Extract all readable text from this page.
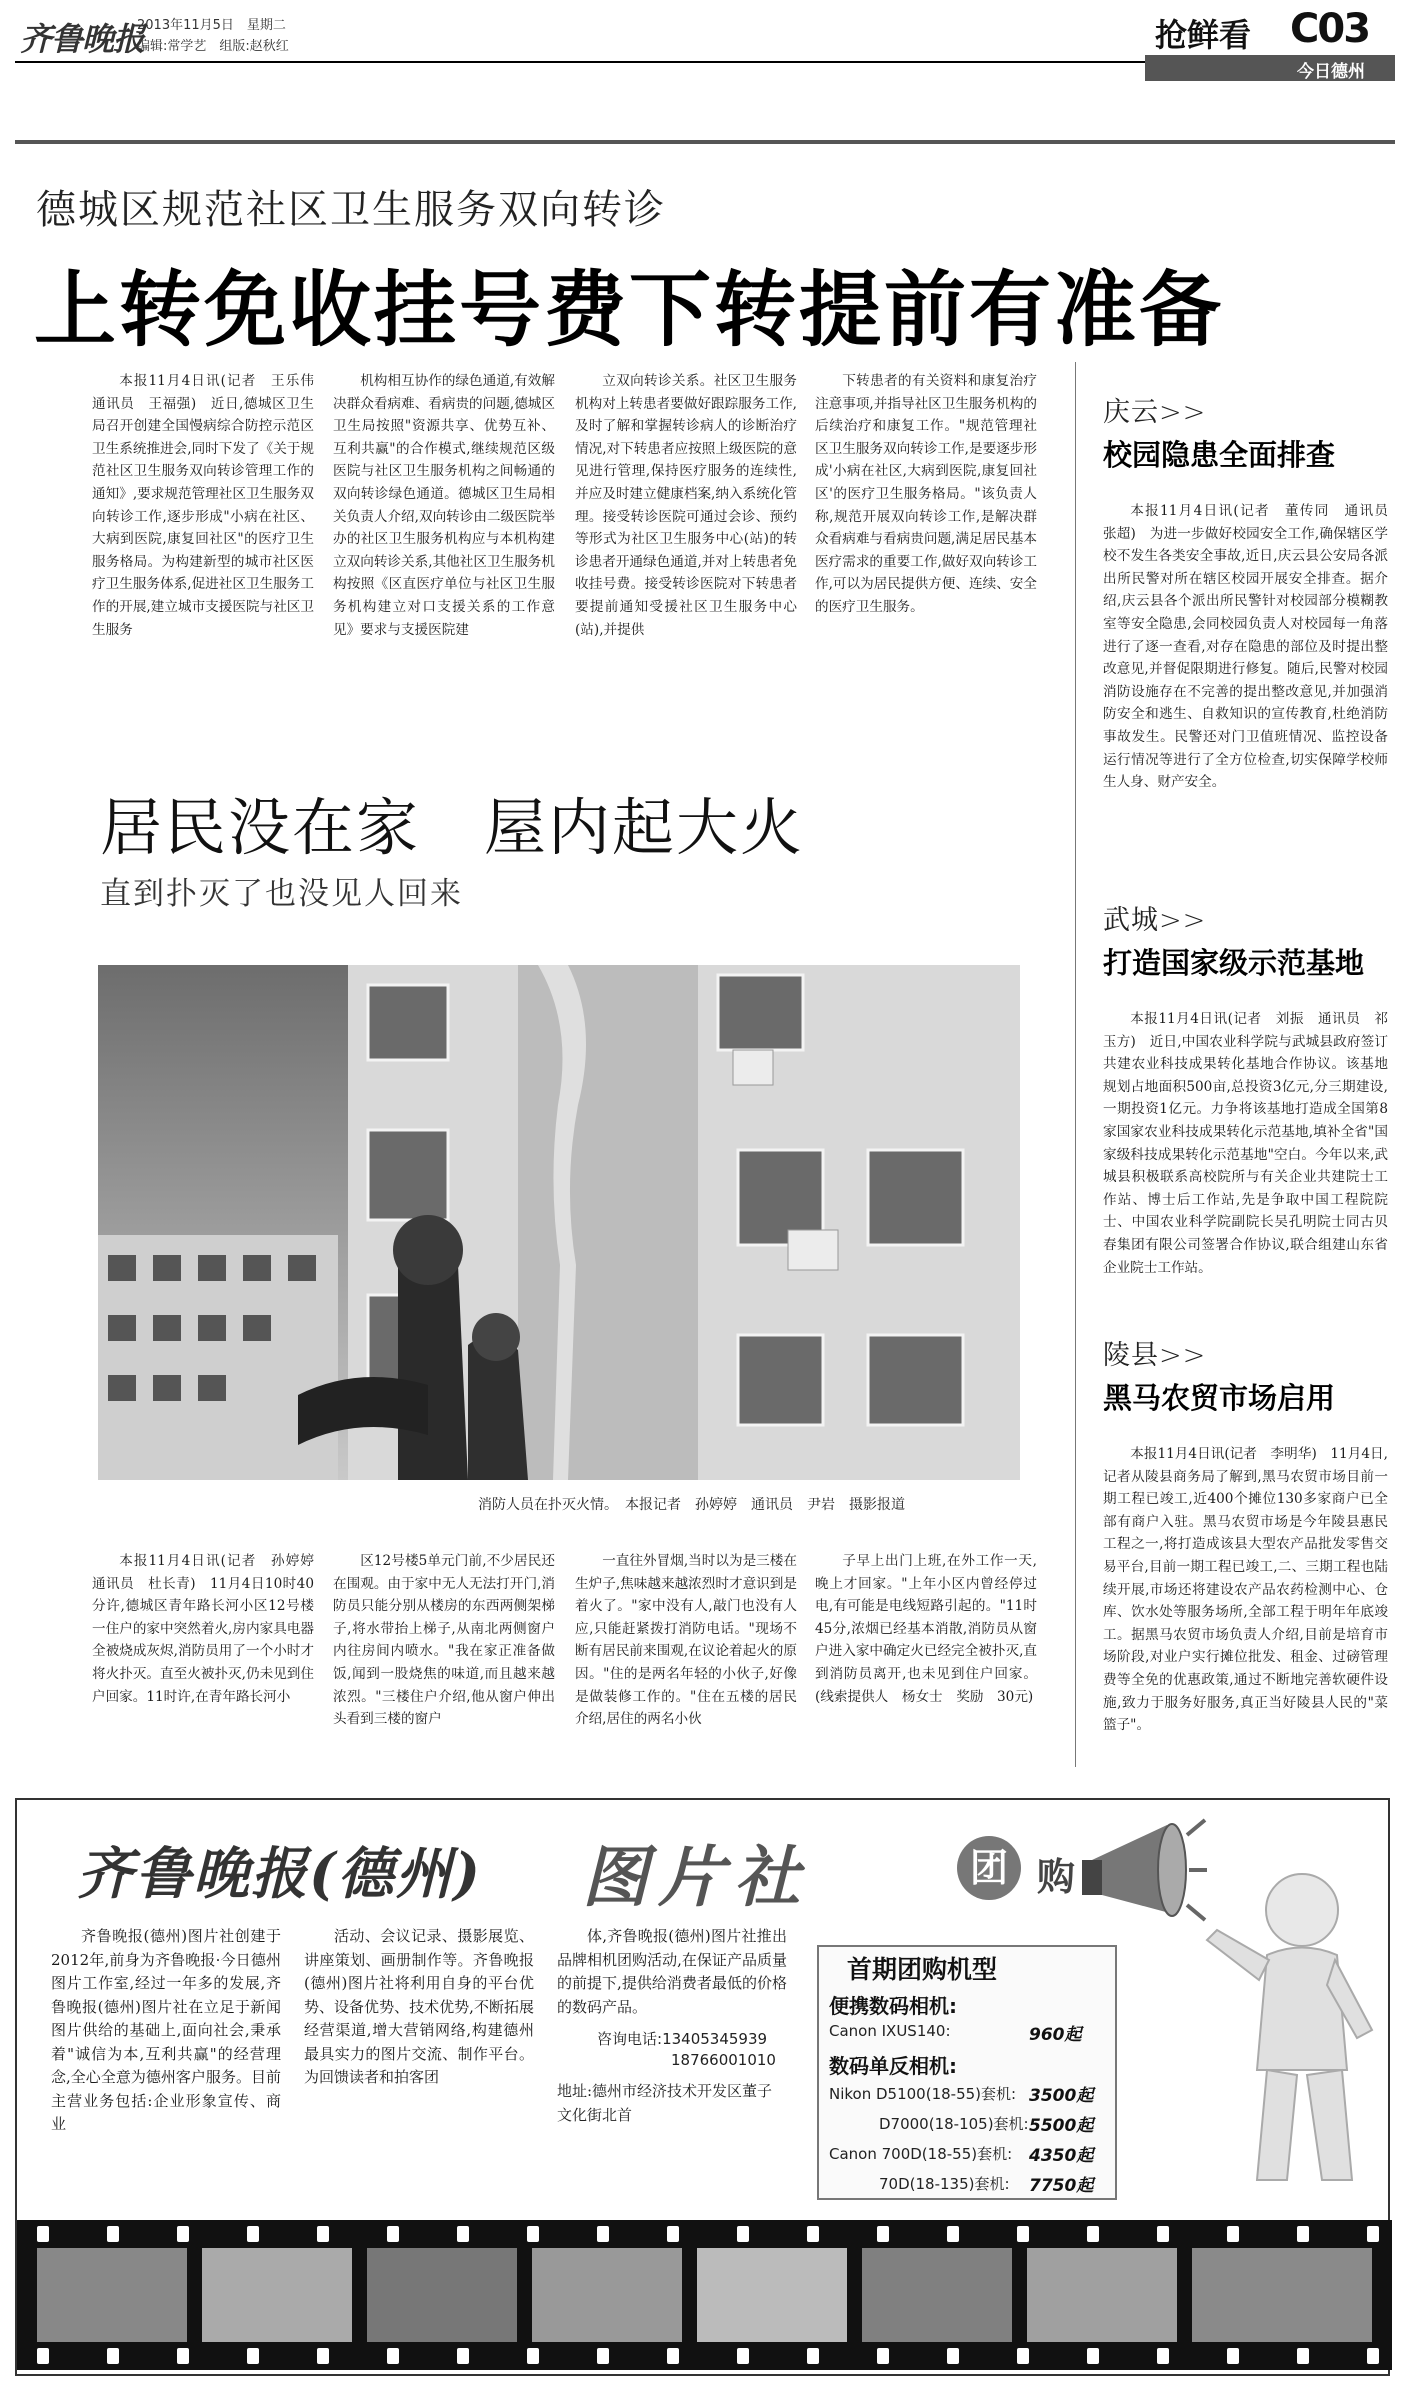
齐鲁晚报
2013年11月5日　星期二
编辑:常学艺　组版:赵秋红	抢鲜看 C03
今日德州
德城区规范社区卫生服务双向转诊
上转免收挂号费下转提前有准备
本报11月4日讯(记者　王乐伟　通讯员　王福强)　近日,德城区卫生局召开创建全国慢病综合防控示范区卫生系统推进会,同时下发了《关于规范社区卫生服务双向转诊管理工作的通知》,要求规范管理社区卫生服务双向转诊工作,逐步形成"小病在社区、大病到医院,康复回社区"的医疗卫生服务格局。为构建新型的城市社区医疗卫生服务体系,促进社区卫生服务工作的开展,建立城市支援医院与社区卫生服务
机构相互协作的绿色通道,有效解决群众看病难、看病贵的问题,德城区卫生局按照"资源共享、优势互补、互利共赢"的合作模式,继续规范区级医院与社区卫生服务机构之间畅通的双向转诊绿色通道。德城区卫生局相关负责人介绍,双向转诊由二级医院举办的社区卫生服务机构应与本机构建立双向转诊关系,其他社区卫生服务机构按照《区直医疗单位与社区卫生服务机构建立对口支援关系的工作意见》要求与支援医院建
立双向转诊关系。社区卫生服务机构对上转患者要做好跟踪服务工作,及时了解和掌握转诊病人的诊断治疗情况,对下转患者应按照上级医院的意见进行管理,保持医疗服务的连续性,并应及时建立健康档案,纳入系统化管理。接受转诊医院可通过会诊、预约等形式为社区卫生服务中心(站)的转诊患者开通绿色通道,并对上转患者免收挂号费。接受转诊医院对下转患者要提前通知受援社区卫生服务中心(站),并提供
下转患者的有关资料和康复治疗注意事项,并指导社区卫生服务机构的后续治疗和康复工作。"规范管理社区卫生服务双向转诊工作,是要逐步形成'小病在社区,大病到医院,康复回社区'的医疗卫生服务格局。"该负责人称,规范开展双向转诊工作,是解决群众看病难与看病贵问题,满足居民基本医疗需求的重要工作,做好双向转诊工作,可以为居民提供方便、连续、安全的医疗卫生服务。
居民没在家　屋内起大火
直到扑灭了也没见人回来
消防人员在扑灭火情。　本报记者　孙婷婷　通讯员　尹岩　摄影报道
本报11月4日讯(记者　孙婷婷　通讯员　杜长青)　11月4日10时40分许,德城区青年路长河小区12号楼一住户的家中突然着火,房内家具电器全被烧成灰烬,消防员用了一个小时才将火扑灭。直至火被扑灭,仍未见到住户回家。11时许,在青年路长河小
区12号楼5单元门前,不少居民还在围观。由于家中无人无法打开门,消防员只能分别从楼房的东西两侧架梯子,将水带抬上梯子,从南北两侧窗户内往房间内喷水。"我在家正准备做饭,闻到一股烧焦的味道,而且越来越浓烈。"三楼住户介绍,他从窗户伸出头看到三楼的窗户
一直往外冒烟,当时以为是三楼在生炉子,焦味越来越浓烈时才意识到是着火了。"家中没有人,敲门也没有人应,只能赶紧拨打消防电话。"现场不断有居民前来围观,在议论着起火的原因。"住的是两名年轻的小伙子,好像是做装修工作的。"住在五楼的居民介绍,居住的两名小伙
子早上出门上班,在外工作一天,晚上才回家。"上年小区内曾经停过电,有可能是电线短路引起的。"11时45分,浓烟已经基本消散,消防员从窗户进入家中确定火已经完全被扑灭,直到消防员离开,也未见到住户回家。(线索提供人　杨女士　奖励　30元)
庆云>>
校园隐患全面排查
本报11月4日讯(记者　董传同　通讯员　张超)　为进一步做好校园安全工作,确保辖区学校不发生各类安全事故,近日,庆云县公安局各派出所民警对所在辖区校园开展安全排查。据介绍,庆云县各个派出所民警针对校园部分模糊教室等安全隐患,会同校园负责人对校园每一角落进行了逐一查看,对存在隐患的部位及时提出整改意见,并督促限期进行修复。随后,民警对校园消防设施存在不完善的提出整改意见,并加强消防安全和逃生、自救知识的宣传教育,杜绝消防事故发生。民警还对门卫值班情况、监控设备运行情况等进行了全方位检查,切实保障学校师生人身、财产安全。
武城>>
打造国家级示范基地
本报11月4日讯(记者　刘振　通讯员　祁玉方)　近日,中国农业科学院与武城县政府签订共建农业科技成果转化基地合作协议。该基地规划占地面积500亩,总投资3亿元,分三期建设,一期投资1亿元。力争将该基地打造成全国第8家国家农业科技成果转化示范基地,填补全省"国家级科技成果转化示范基地"空白。今年以来,武城县积极联系高校院所与有关企业共建院士工作站、博士后工作站,先是争取中国工程院院士、中国农业科学院副院长吴孔明院士同古贝春集团有限公司签署合作协议,联合组建山东省企业院士工作站。
陵县>>
黑马农贸市场启用
本报11月4日讯(记者　李明华)　11月4日,记者从陵县商务局了解到,黑马农贸市场目前一期工程已竣工,近400个摊位130多家商户已全部有商户入驻。黑马农贸市场是今年陵县惠民工程之一,将打造成该县大型农产品批发零售交易平台,目前一期工程已竣工,二、三期工程也陆续开展,市场还将建设农产品农药检测中心、仓库、饮水处等服务场所,全部工程于明年年底竣工。据黑马农贸市场负责人介绍,目前是培育市场阶段,对业户实行摊位批发、租金、过磅管理费等全免的优惠政策,通过不断地完善软硬件设施,致力于服务好服务,真正当好陵县人民的"菜篮子"。
齐鲁晚报(德州) 图片社	团 购
齐鲁晚报(德州)图片社创建于2012年,前身为齐鲁晚报·今日德州图片工作室,经过一年多的发展,齐鲁晚报(德州)图片社在立足于新闻图片供给的基础上,面向社会,秉承着"诚信为本,互利共赢"的经营理念,全心全意为德州客户服务。目前主营业务包括:企业形象宣传、商业
活动、会议记录、摄影展览、讲座策划、画册制作等。齐鲁晚报(德州)图片社将利用自身的平台优势、设备优势、技术优势,不断拓展经营渠道,增大营销网络,构建德州最具实力的图片交流、制作平台。为回馈读者和拍客团
体,齐鲁晚报(德州)图片社推出品牌相机团购活动,在保证产品质量的前提下,提供给消费者最低的价格的数码产品。
咨询电话:13405345939
18766001010
地址:德州市经济技术开发区董子文化街北首
首期团购机型
便携数码相机:
Canon IXUS140:	960起
数码单反相机:
Nikon D5100(18-55)套机: 3500起
D7000(18-105)套机: 5500起
Canon 700D(18-55)套机: 4350起
70D(18-135)套机: 7750起
